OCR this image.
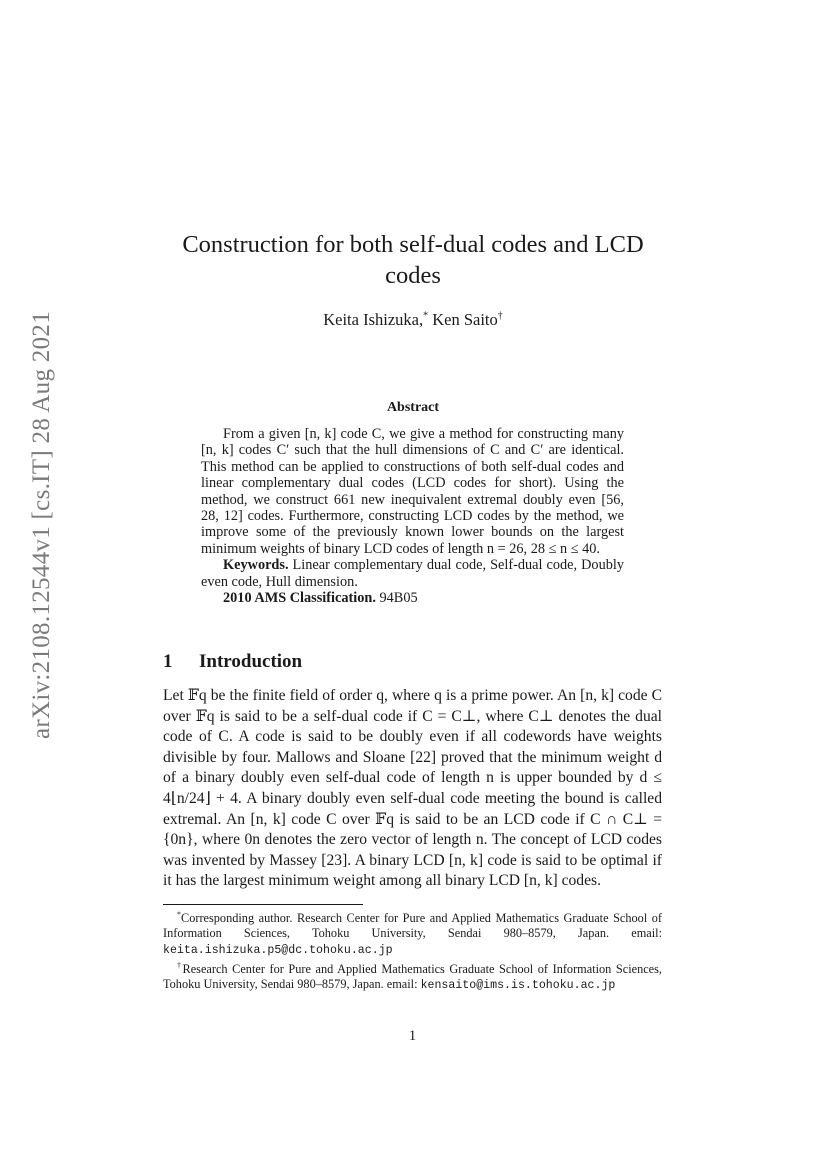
arXiv:2108.12544v1 [cs.IT] 28 Aug 2021
Construction for both self-dual codes and LCD codes
Keita Ishizuka,* Ken Saito†
Abstract

From a given [n, k] code C, we give a method for constructing many [n, k] codes C′ such that the hull dimensions of C and C′ are identical. This method can be applied to constructions of both self-dual codes and linear complementary dual codes (LCD codes for short). Using the method, we construct 661 new inequivalent extremal doubly even [56, 28, 12] codes. Furthermore, constructing LCD codes by the method, we improve some of the previously known lower bounds on the largest minimum weights of binary LCD codes of length n = 26, 28 ≤ n ≤ 40.

Keywords. Linear complementary dual code, Self-dual code, Doubly even code, Hull dimension.

2010 AMS Classification. 94B05

1 Introduction

Let 𝔽q be the finite field of order q, where q is a prime power. An [n, k] code C over 𝔽q is said to be a self-dual code if C = C⊥, where C⊥ denotes the dual code of C. A code is said to be doubly even if all codewords have weights divisible by four. Mallows and Sloane [22] proved that the minimum weight d of a binary doubly even self-dual code of length n is upper bounded by d ≤ 4⌊n/24⌋ + 4. A binary doubly even self-dual code meeting the bound is called extremal. An [n, k] code C over 𝔽q is said to be an LCD code if C ∩ C⊥ = {0n}, where 0n denotes the zero vector of length n. The concept of LCD codes was invented by Massey [23]. A binary LCD [n, k] code is said to be optimal if it has the largest minimum weight among all binary LCD [n, k] codes.

*Corresponding author. Research Center for Pure and Applied Mathematics Graduate School of Information Sciences, Tohoku University, Sendai 980–8579, Japan. email: keita.ishizuka.p5@dc.tohoku.ac.jp

†Research Center for Pure and Applied Mathematics Graduate School of Information Sciences, Tohoku University, Sendai 980–8579, Japan. email: kensaito@ims.is.tohoku.ac.jp

1
